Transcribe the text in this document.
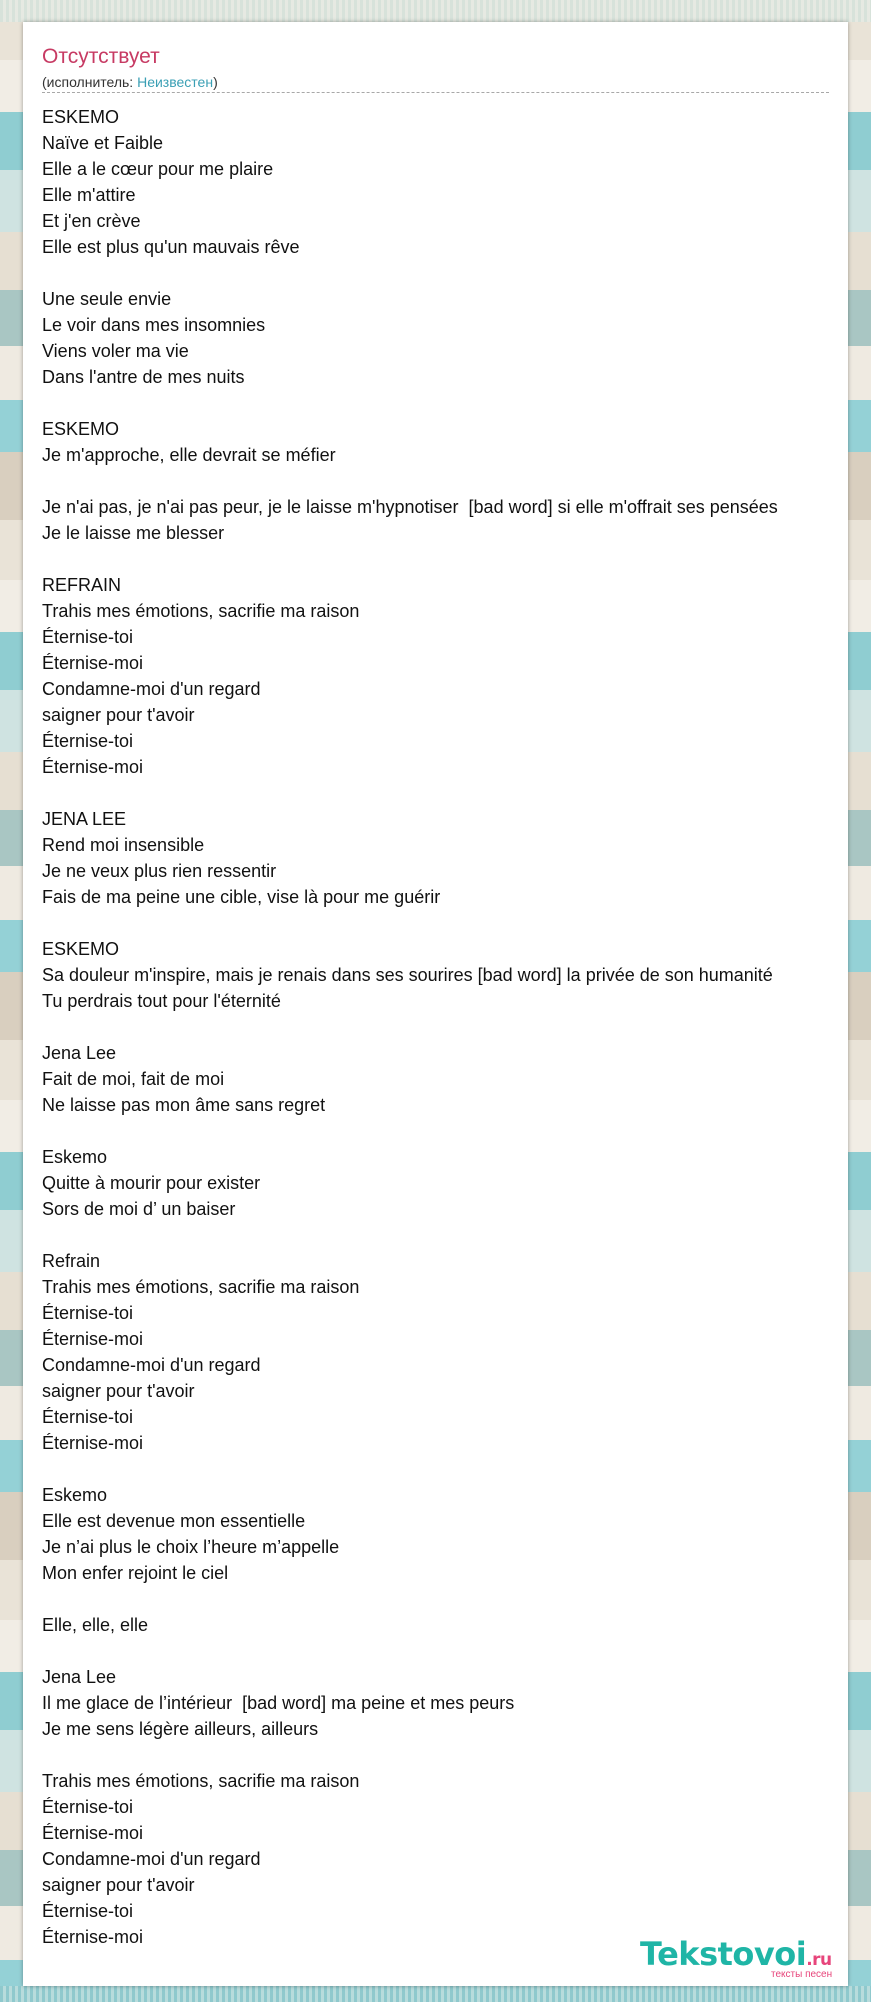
Отсутствует
(исполнитель: Неизвестен)
ESKEMO
Naïve et Faible
Elle a le cœur pour me plaire
Elle m'attire
Et j'en crève
Elle est plus qu'un mauvais rêve

Une seule envie
Le voir dans mes insomnies
Viens voler ma vie
Dans l'antre de mes nuits

ESKEMO
Je m'approche, elle devrait se méfier

Je n'ai pas, je n'ai pas peur, je le laisse m'hypnotiser  [bad word] si elle m'offrait ses pensées
Je le laisse me blesser

REFRAIN
Trahis mes émotions, sacrifie ma raison
Éternise-toi
Éternise-moi
Condamne-moi d'un regard
saigner pour t'avoir
Éternise-toi
Éternise-moi

JENA LEE
Rend moi insensible
Je ne veux plus rien ressentir
Fais de ma peine une cible, vise là pour me guérir

ESKEMO
Sa douleur m'inspire, mais je renais dans ses sourires [bad word] la privée de son humanité
Tu perdrais tout pour l'éternité

Jena Lee
Fait de moi, fait de moi
Ne laisse pas mon âme sans regret

Eskemo
Quitte à mourir pour exister
Sors de moi d’ un baiser

Refrain
Trahis mes émotions, sacrifie ma raison
Éternise-toi
Éternise-moi
Condamne-moi d'un regard
saigner pour t'avoir
Éternise-toi
Éternise-moi

Eskemo
Elle est devenue mon essentielle
Je n’ai plus le choix l’heure m’appelle
Mon enfer rejoint le ciel

Elle, elle, elle

Jena Lee
Il me glace de l’intérieur  [bad word] ma peine et mes peurs
Je me sens légère ailleurs, ailleurs

Trahis mes émotions, sacrifie ma raison
Éternise-toi
Éternise-moi
Condamne-moi d'un regard
saigner pour t'avoir
Éternise-toi
Éternise-moi	Tekstovoi.ru
тексты песен
